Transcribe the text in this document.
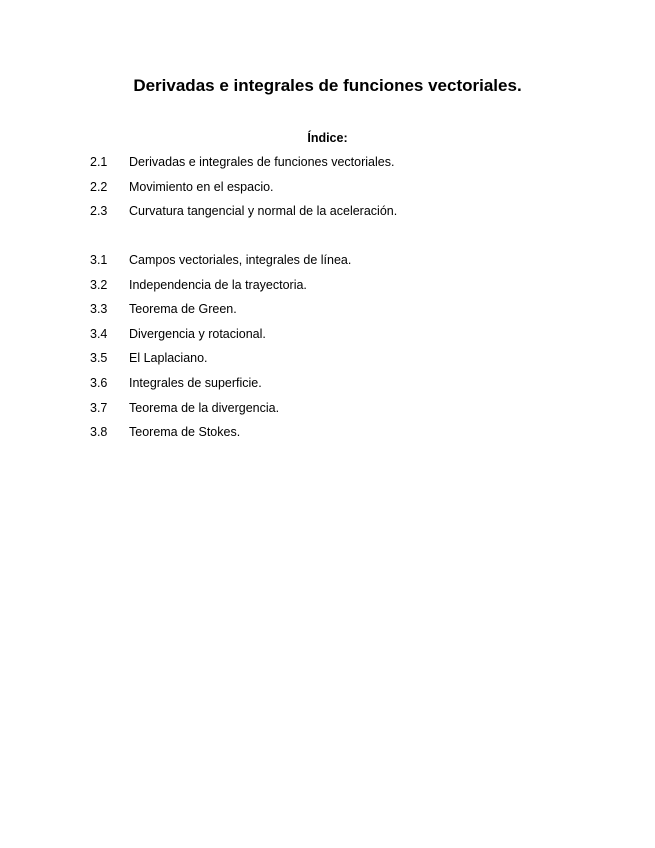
Derivadas e integrales de funciones vectoriales.
Índice:
2.1	Derivadas e integrales de funciones vectoriales.
2.2	Movimiento en el espacio.
2.3	Curvatura tangencial y normal de la aceleración.
3.1	Campos vectoriales, integrales de línea.
3.2	Independencia de la trayectoria.
3.3	Teorema de Green.
3.4	Divergencia y rotacional.
3.5	El Laplaciano.
3.6	Integrales de superficie.
3.7	Teorema de la divergencia.
3.8	Teorema de Stokes.
